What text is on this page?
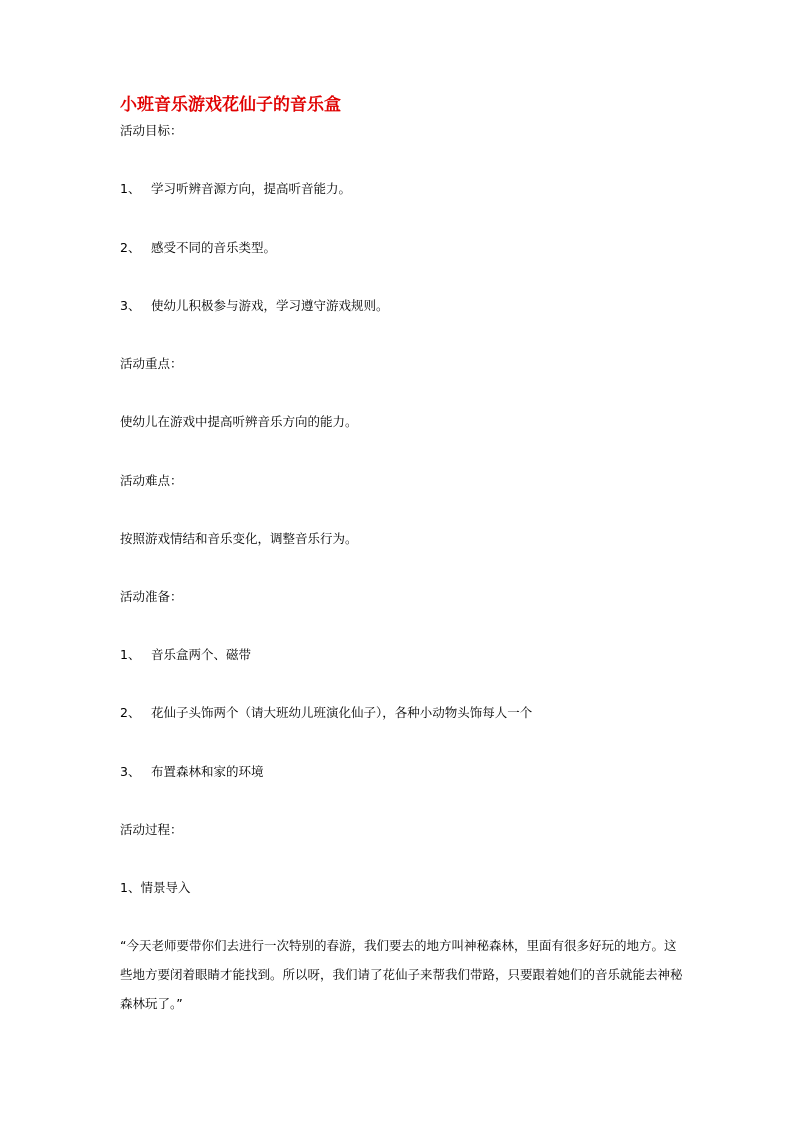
小班音乐游戏花仙子的音乐盒
活动目标：
1、 学习听辨音源方向，提高听音能力。
2、 感受不同的音乐类型。
3、 使幼儿积极参与游戏，学习遵守游戏规则。
活动重点：
使幼儿在游戏中提高听辨音乐方向的能力。
活动难点：
按照游戏情结和音乐变化，调整音乐行为。
活动准备：
1、 音乐盒两个、磁带
2、 花仙子头饰两个（请大班幼儿班演化仙子），各种小动物头饰每人一个
3、 布置森林和家的环境
活动过程：
1、情景导入
“今天老师要带你们去进行一次特别的春游，我们要去的地方叫神秘森林，里面有很多好玩的地方。这些地方要闭着眼睛才能找到。所以呀，我们请了花仙子来帮我们带路，只要跟着她们的音乐就能去神秘森林玩了。”
